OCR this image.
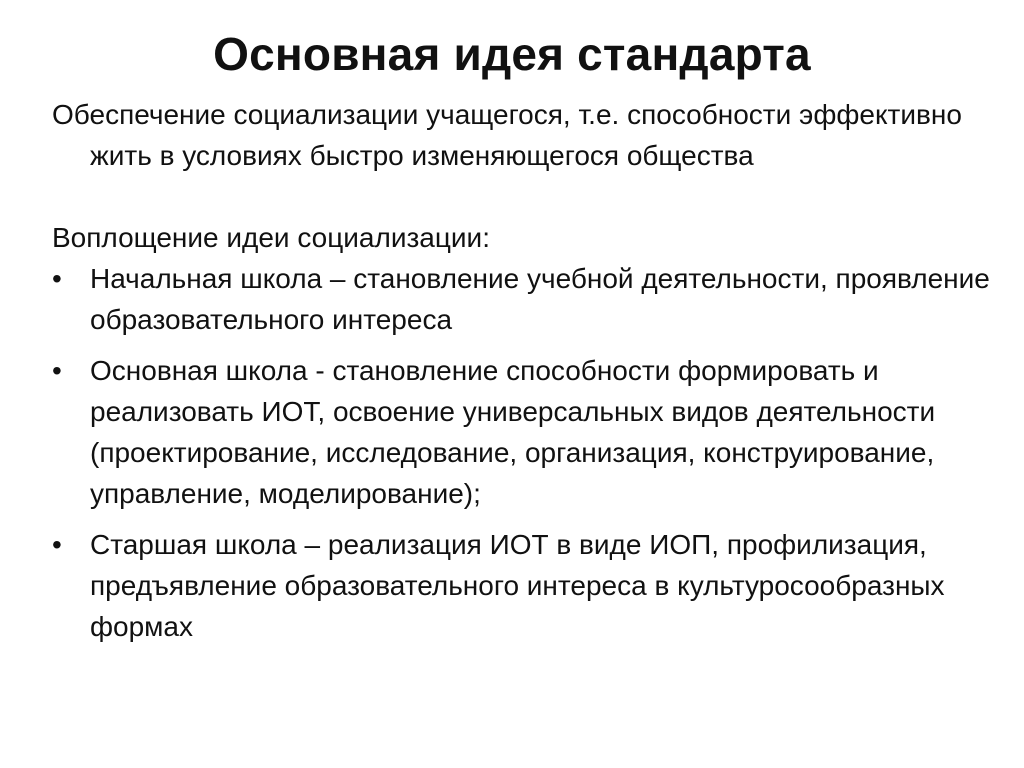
Основная идея стандарта

Обеспечение социализации учащегося, т.е. способности эффективно жить в условиях быстро изменяющегося общества

Воплощение идеи социализации:

•	Начальная школа – становление учебной деятельности, проявление образовательного интереса
•	Основная школа - становление способности формировать и реализовать ИОТ, освоение универсальных видов деятельности (проектирование, исследование, организация, конструирование, управление, моделирование);
•	Старшая школа – реализация ИОТ в виде ИОП, профилизация, предъявление образовательного интереса в культуросообразных формах
